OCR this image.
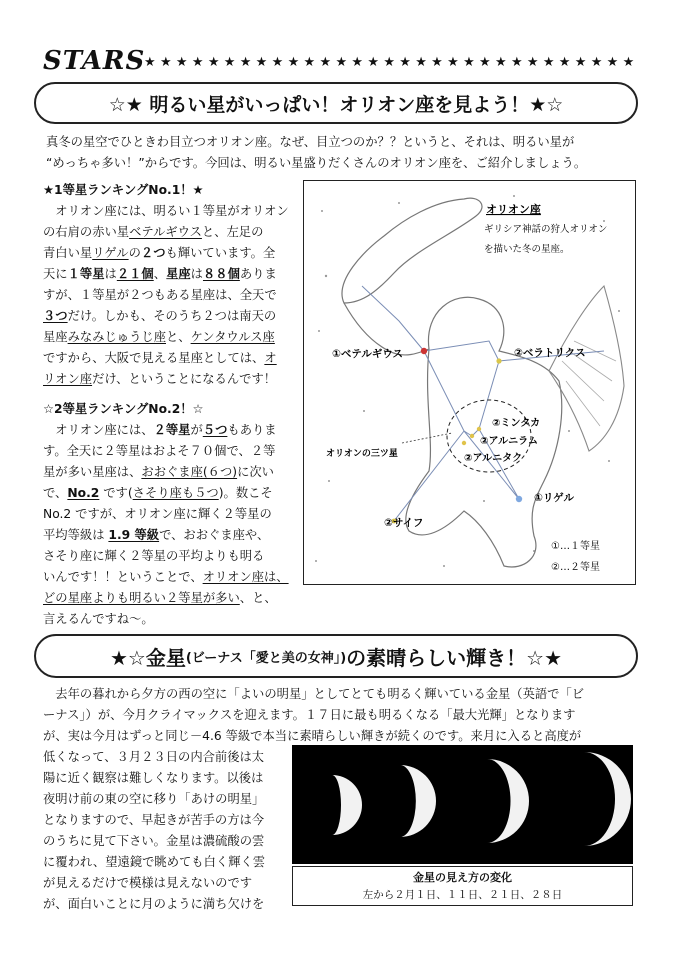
STARS
★★★★★★★★★★★★★★★★★★★★★★★★★★★★★★★
☆★ 明るい星がいっぱい！オリオン座を見よう！★☆
真冬の星空でひときわ目立つオリオン座。なぜ、目立つのか？？というと、それは、明るい星が
“めっちゃ多い！”からです。今回は、明るい星盛りだくさんのオリオン座を、ご紹介しましょう。
★1等星ランキングNo.1！★
　オリオン座には、明るい１等星がオリオン
の右肩の赤い星ベテルギウスと、左足の
青白い星リゲルの２つも輝いています。全
天に１等星は２１個、星座は８８個ありま
すが、１等星が２つもある星座は、全天で
３つだけ。しかも、そのうち２つは南天の
星座みなみじゅうじ座と、ケンタウルス座
ですから、大阪で見える星座としては、オ
リオン座だけ、ということになるんです！
☆2等星ランキングNo.2！☆
　オリオン座には、２等星が５つもありま
す。全天に２等星はおよそ７０個で、２等
星が多い星座は、おおぐま座(６つ)に次い
で、No.2 です(さそり座も５つ)。数こそ
No.2 ですが、オリオン座に輝く２等星の
平均等級は 1.9 等級で、おおぐま座や、
さそり座に輝く２等星の平均よりも明る
いんです！！ということで、オリオン座は、
どの星座よりも明るい２等星が多い、と、
言えるんですね～。
オリオン座
ギリシア神話の狩人オリオン
を描いた冬の星座。
①ベテルギウス	②ベラトリクス
②ミンタカ
②アルニラム
②アルニタク
オリオンの三ツ星
①リゲル
②サイフ
①…１等星
②…２等星
★☆金星 (ビーナス「愛と美の女神」) の素晴らしい輝き！☆★
　去年の暮れから夕方の西の空に「よいの明星」としてとても明るく輝いている金星（英語で「ビ
ーナス」）が、今月クライマックスを迎えます。１７日に最も明るくなる「最大光輝」となります
が、実は今月はずっと同じ－4.6 等級で本当に素晴らしい輝きが続くのです。来月に入ると高度が
低くなって、３月２３日の内合前後は太
陽に近く観察は難しくなります。以後は
夜明け前の東の空に移り「あけの明星」
となりますので、早起きが苦手の方は今
のうちに見て下さい。金星は濃硫酸の雲
に覆われ、望遠鏡で眺めても白く輝く雲
が見えるだけで模様は見えないのです
が、面白いことに月のように満ち欠けを
金星の見え方の変化
左から２月１日、１１日、２１日、２８日
